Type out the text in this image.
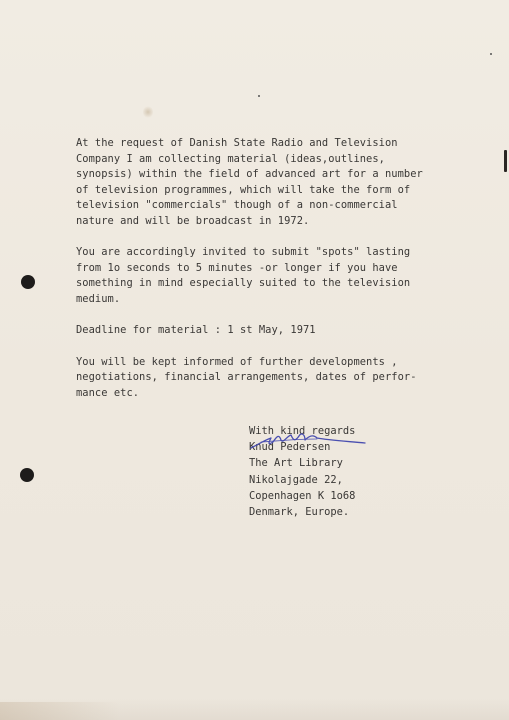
At the request of Danish State Radio and Television
Company I am collecting material (ideas,outlines,
synopsis) within the field of advanced art for a number
of television programmes, which will take the form of
television "commercials" though of a non-commercial
nature and will be broadcast in 1972.
You are accordingly invited to submit "spots" lasting
from 1o seconds to 5 minutes -or longer if you have
something in mind especially suited to the television
medium.
Deadline for material : 1 st May, 1971
You will be kept informed of further developments ,
negotiations, financial arrangements, dates of perfor-
mance etc.
With kind regards
Knud Pedersen
The Art Library
Nikolajgade 22,
Copenhagen K 1o68
Denmark, Europe.
